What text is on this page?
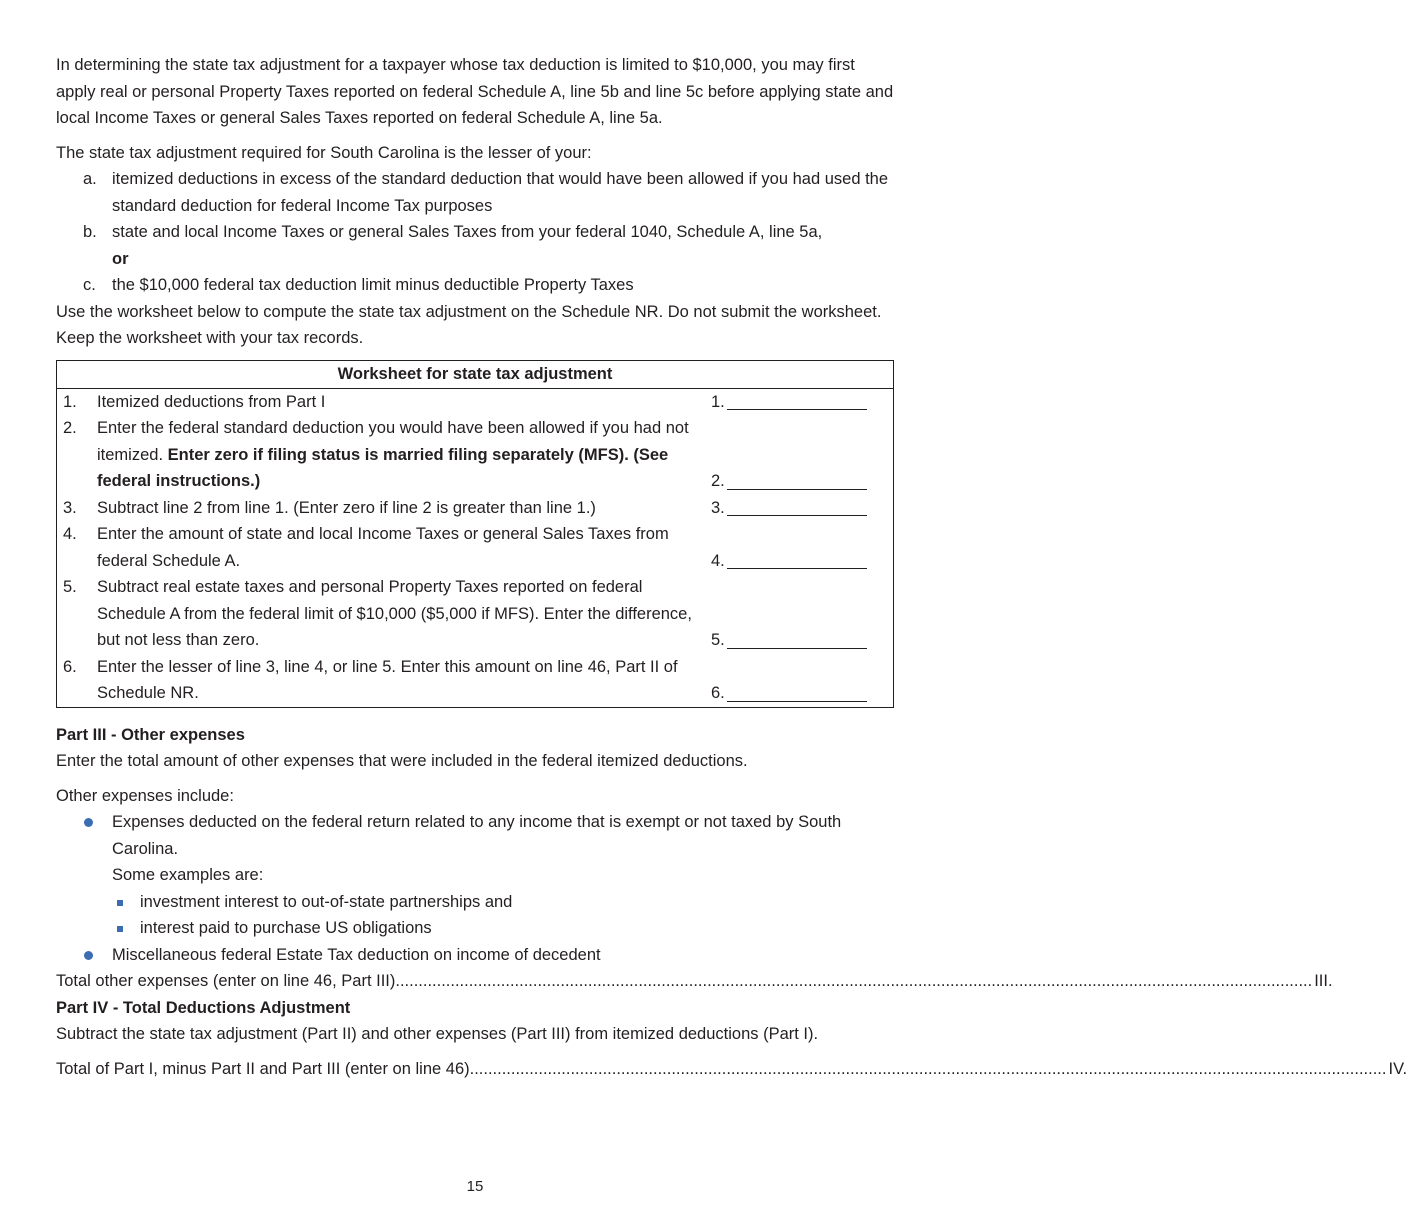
In determining the state tax adjustment for a taxpayer whose tax deduction is limited to $10,000, you may first apply real or personal Property Taxes reported on federal Schedule A, line 5b and line 5c before applying state and local Income Taxes or general Sales Taxes reported on federal Schedule A, line 5a.

The state tax adjustment required for South Carolina is the lesser of your:

a. itemized deductions in excess of the standard deduction that would have been allowed if you had used the standard deduction for federal Income Tax purposes
b. state and local Income Taxes or general Sales Taxes from your federal 1040, Schedule A, line 5a,
or
c. the $10,000 federal tax deduction limit minus deductible Property Taxes

Use the worksheet below to compute the state tax adjustment on the Schedule NR. Do not submit the worksheet. Keep the worksheet with your tax records.

Worksheet for state tax adjustment
1.	Itemized deductions from Part I	1.
2.	Enter the federal standard deduction you would have been allowed if you had not itemized. Enter zero if filing status is married filing separately (MFS). (See federal instructions.)	2.
3.	Subtract line 2 from line 1. (Enter zero if line 2 is greater than line 1.)	3.
4.	Enter the amount of state and local Income Taxes or general Sales Taxes from federal Schedule A.	4.
5.	Subtract real estate taxes and personal Property Taxes reported on federal Schedule A from the federal limit of $10,000 ($5,000 if MFS). Enter the difference, but not less than zero.	5.
6.	Enter the lesser of line 3, line 4, or line 5. Enter this amount on line 46, Part II of Schedule NR.	6.

Part III - Other expenses

Enter the total amount of other expenses that were included in the federal itemized deductions.

Other expenses include:

Expenses deducted on the federal return related to any income that is exempt or not taxed by South Carolina.
Some examples are:
investment interest to out-of-state partnerships and
interest paid to purchase US obligations
Miscellaneous federal Estate Tax deduction on income of decedent
Total other expenses (enter on line 46, Part III) ........................................................................................................................................................................................................ III.

Part IV - Total Deductions Adjustment

Subtract the state tax adjustment (Part II) and other expenses (Part III) from itemized deductions (Part I).

Total of Part I, minus Part II and Part III (enter on line 46) ........................................................................................................................................................................................................ IV.
15
